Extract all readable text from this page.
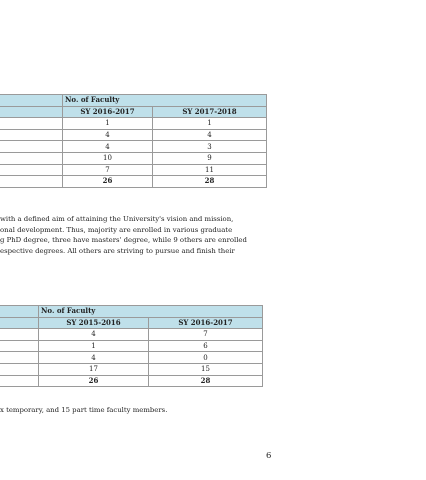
	No. of Faculty	
	SY 2016-2017	SY 2017-2018
	1	1
	4	4
	4	3
	10	9
	7	11
	26	28
with a defined aim of attaining the University's vision and mission,
onal development. Thus, majority are enrolled in various graduate
g PhD degree, three have masters' degree, while 9 others are enrolled
espective degrees. All others are striving to pursue and finish their
	No. of Faculty	
	SY 2015-2016	SY 2016-2017
	4	7
	1	6
	4	0
	17	15
	26	28
x temporary, and 15 part time faculty members.
6
